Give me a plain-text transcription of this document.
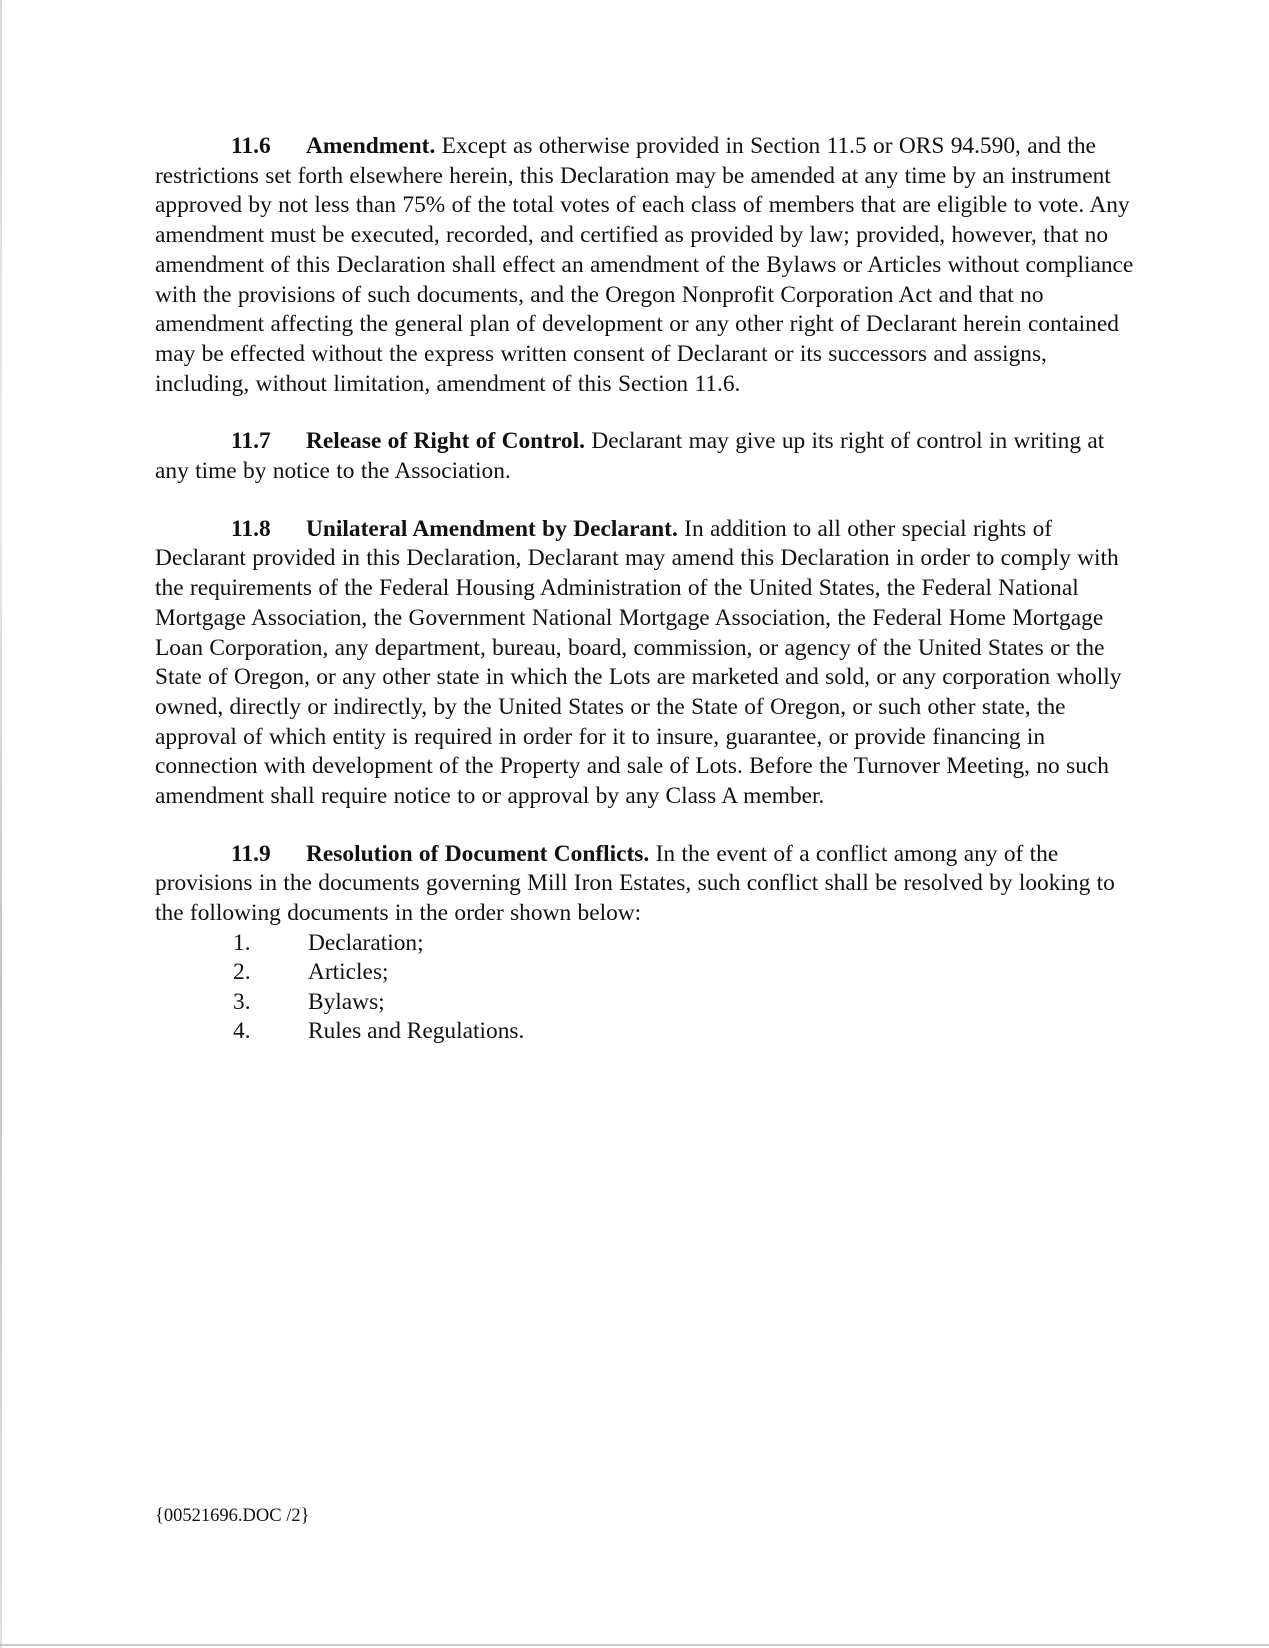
11.6 Amendment. Except as otherwise provided in Section 11.5 or ORS 94.590, and the restrictions set forth elsewhere herein, this Declaration may be amended at any time by an instrument approved by not less than 75% of the total votes of each class of members that are eligible to vote. Any amendment must be executed, recorded, and certified as provided by law; provided, however, that no amendment of this Declaration shall effect an amendment of the Bylaws or Articles without compliance with the provisions of such documents, and the Oregon Nonprofit Corporation Act and that no amendment affecting the general plan of development or any other right of Declarant herein contained may be effected without the express written consent of Declarant or its successors and assigns, including, without limitation, amendment of this Section 11.6.

11.7 Release of Right of Control. Declarant may give up its right of control in writing at any time by notice to the Association.

11.8 Unilateral Amendment by Declarant. In addition to all other special rights of Declarant provided in this Declaration, Declarant may amend this Declaration in order to comply with the requirements of the Federal Housing Administration of the United States, the Federal National Mortgage Association, the Government National Mortgage Association, the Federal Home Mortgage Loan Corporation, any department, bureau, board, commission, or agency of the United States or the State of Oregon, or any other state in which the Lots are marketed and sold, or any corporation wholly owned, directly or indirectly, by the United States or the State of Oregon, or such other state, the approval of which entity is required in order for it to insure, guarantee, or provide financing in connection with development of the Property and sale of Lots. Before the Turnover Meeting, no such amendment shall require notice to or approval by any Class A member.

11.9 Resolution of Document Conflicts. In the event of a conflict among any of the provisions in the documents governing Mill Iron Estates, such conflict shall be resolved by looking to the following documents in the order shown below:

1. Declaration;
2. Articles;
3. Bylaws;
4. Rules and Regulations.
{00521696.DOC /2}
